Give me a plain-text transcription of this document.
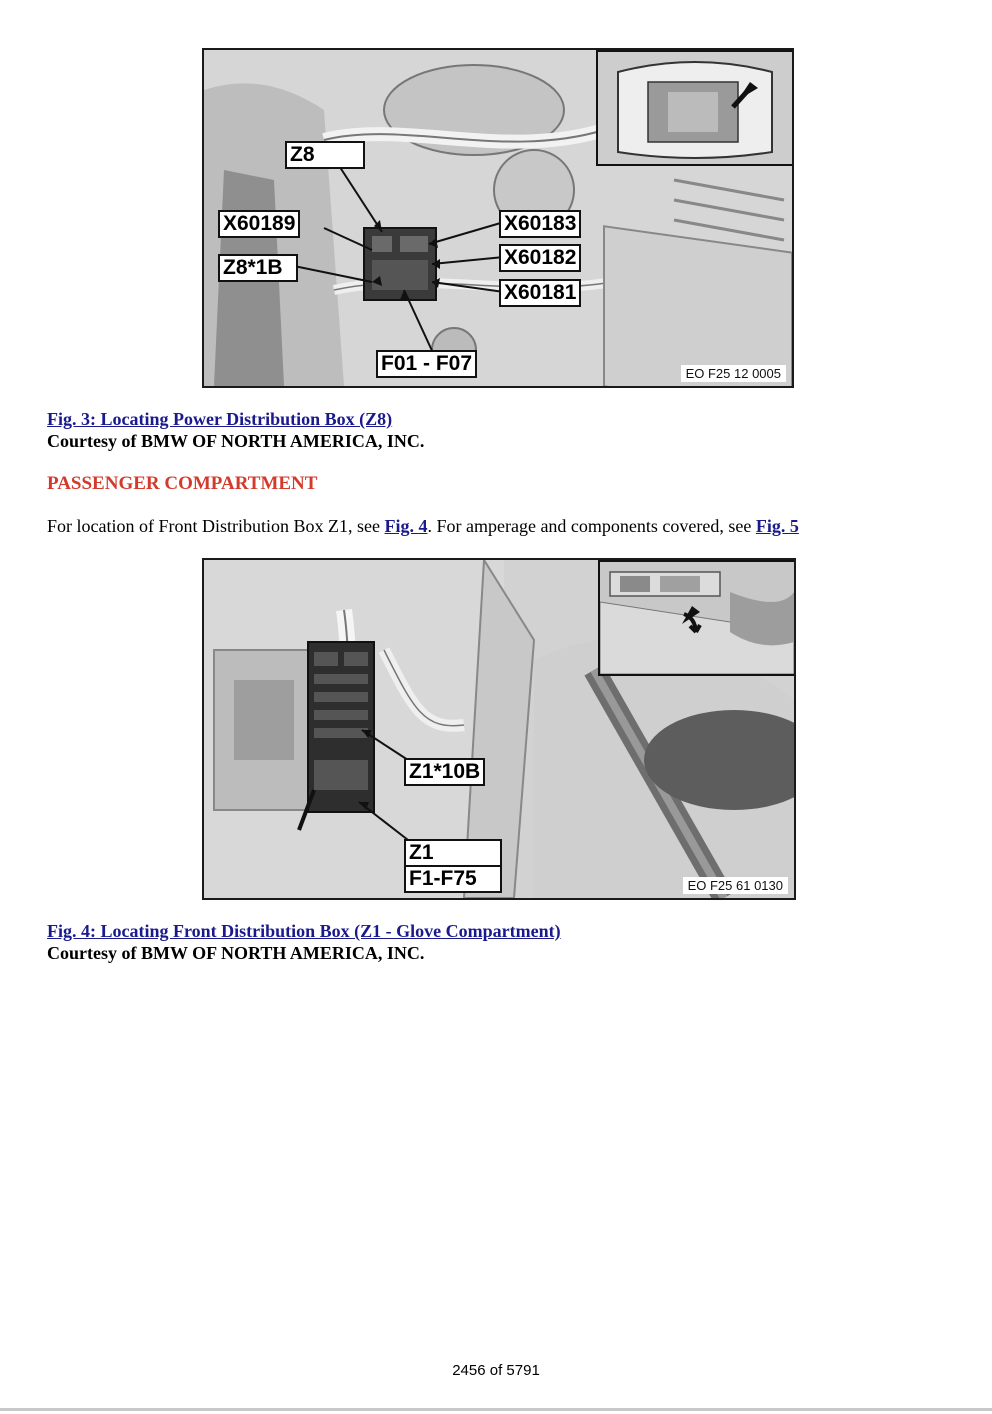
Z8
X60189
Z8*1B
X60183
X60182
X60181
F01 - F07	EO F25 12 0005
Fig. 3: Locating Power Distribution Box (Z8)
Courtesy of BMW OF NORTH AMERICA, INC.
PASSENGER COMPARTMENT
For location of Front Distribution Box Z1, see Fig. 4. For amperage and components covered, see Fig. 5
Z1*10B
Z1
F1-F75	EO F25 61 0130
Fig. 4: Locating Front Distribution Box (Z1 - Glove Compartment)
Courtesy of BMW OF NORTH AMERICA, INC.
2456 of 5791
